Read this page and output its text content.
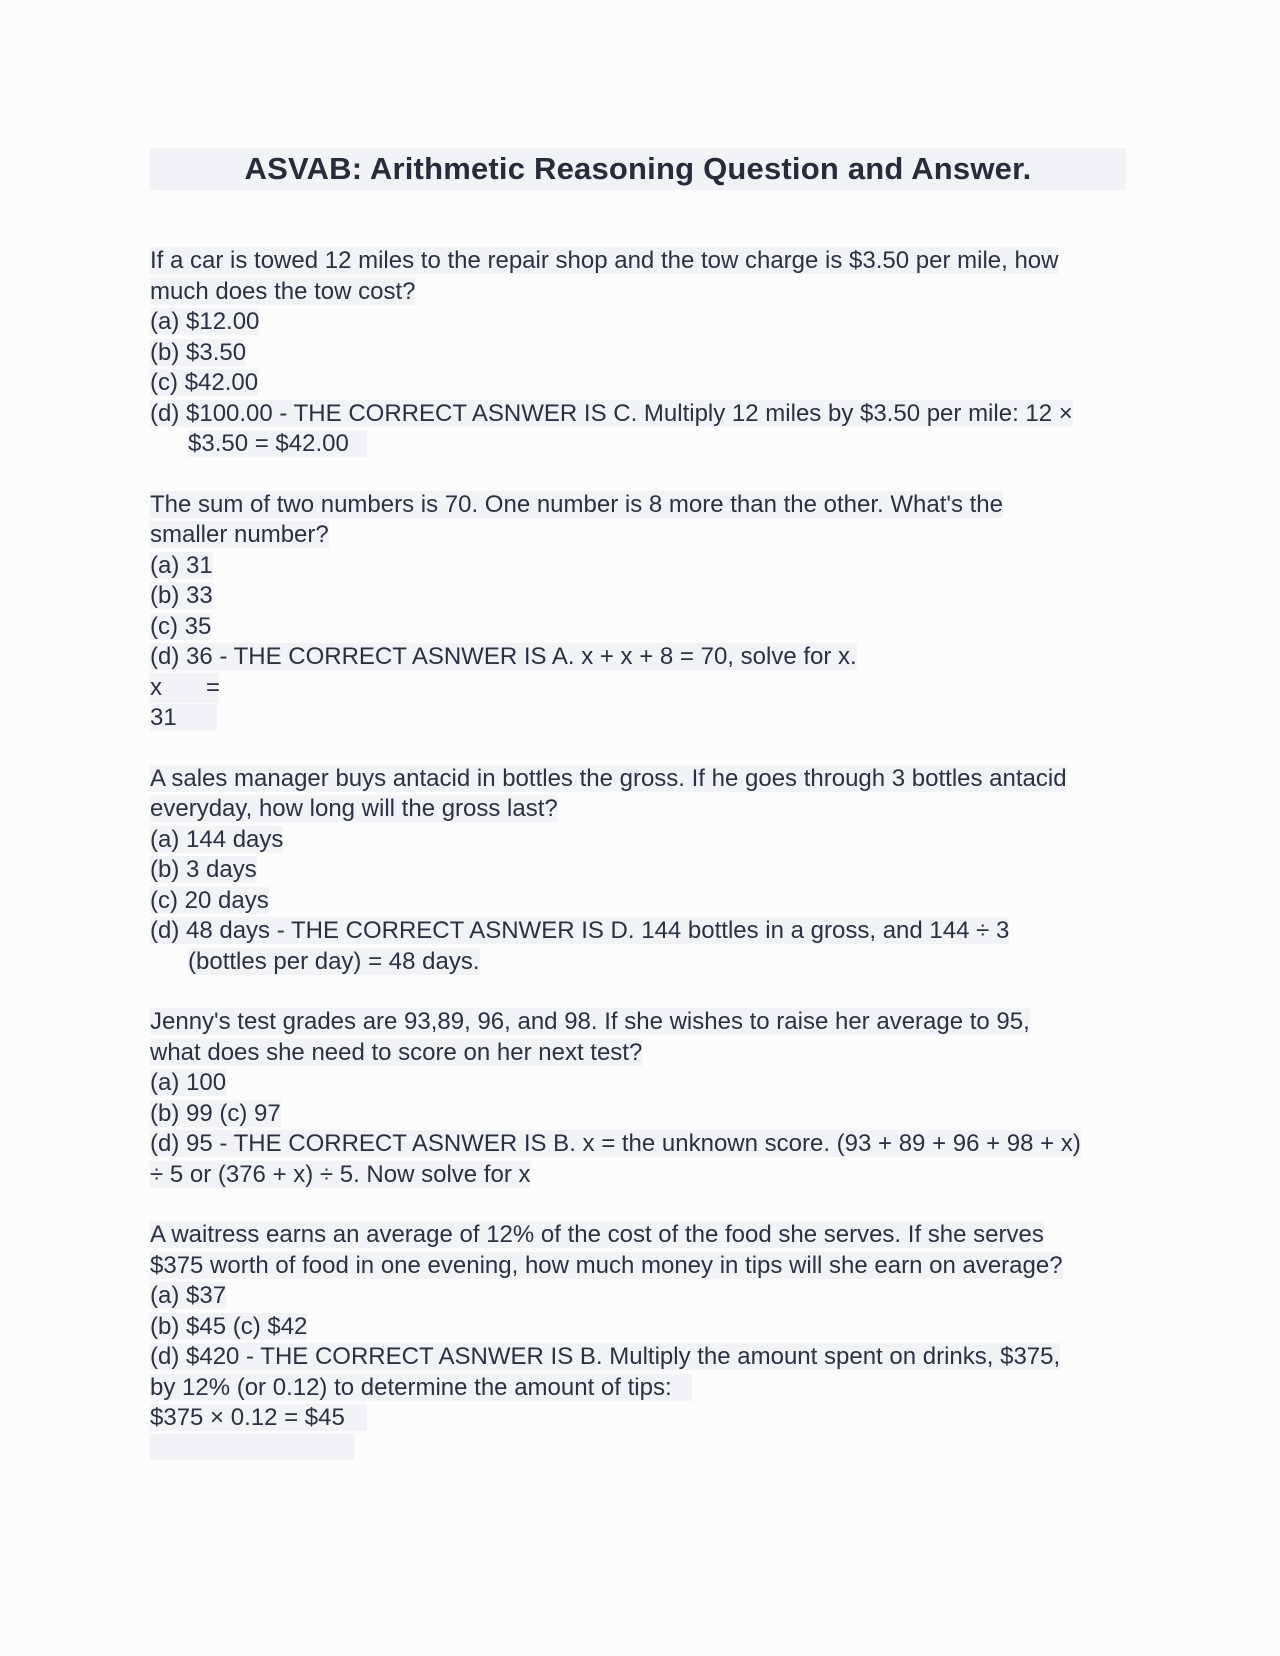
ASVAB: Arithmetic Reasoning Question and Answer.
If a car is towed 12 miles to the repair shop and the tow charge is $3.50 per mile, how
much does the tow cost?
(a) $12.00
(b) $3.50
(c) $42.00
(d) $100.00 - THE CORRECT ASNWER IS C. Multiply 12 miles by $3.50 per mile: 12 ×
$3.50 = $42.00
The sum of two numbers is 70. One number is 8 more than the other. What's the
smaller number?
(a) 31
(b) 33
(c) 35
(d) 36 - THE CORRECT ASNWER IS A. x + x + 8 = 70, solve for x.
x =

31
A sales manager buys antacid in bottles the gross. If he goes through 3 bottles antacid
everyday, how long will the gross last?
(a) 144 days
(b) 3 days
(c) 20 days
(d) 48 days - THE CORRECT ASNWER IS D. 144 bottles in a gross, and 144 ÷ 3
(bottles per day) = 48 days.
Jenny's test grades are 93,89, 96, and 98. If she wishes to raise her average to 95,
what does she need to score on her next test?
(a) 100
(b) 99 (c) 97
(d) 95 - THE CORRECT ASNWER IS B. x = the unknown score. (93 + 89 + 96 + 98 + x)
÷ 5 or (376 + x) ÷ 5. Now solve for x
A waitress earns an average of 12% of the cost of the food she serves. If she serves
$375 worth of food in one evening, how much money in tips will she earn on average?
(a) $37
(b) $45 (c) $42
(d) $420 - THE CORRECT ASNWER IS B. Multiply the amount spent on drinks, $375,
by 12% (or 0.12) to determine the amount of tips:
$375 × 0.12 = $45
